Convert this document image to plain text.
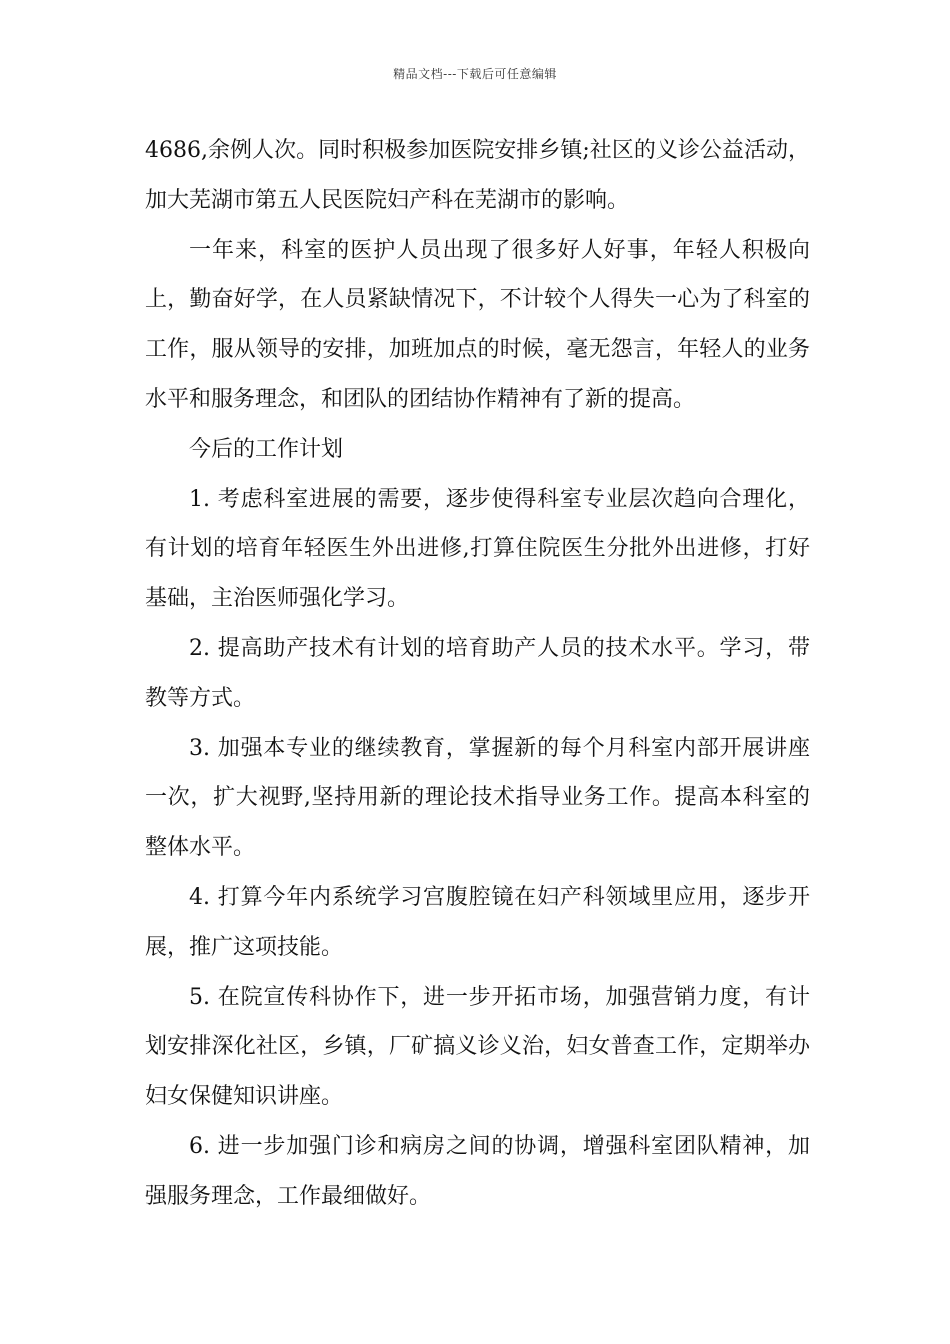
精品文档---下载后可任意编辑

4686,余例人次。同时积极参加医院安排乡镇;社区的义诊公益活动，加大芜湖市第五人民医院妇产科在芜湖市的影响。

一年来，科室的医护人员出现了很多好人好事，年轻人积极向上，勤奋好学，在人员紧缺情况下，不计较个人得失一心为了科室的工作，服从领导的安排，加班加点的时候，毫无怨言，年轻人的业务水平和服务理念，和团队的团结协作精神有了新的提高。

今后的工作计划

1. 考虑科室进展的需要，逐步使得科室专业层次趋向合理化，有计划的培育年轻医生外出进修,打算住院医生分批外出进修，打好基础，主治医师强化学习。

2. 提高助产技术有计划的培育助产人员的技术水平。学习，带教等方式。

3. 加强本专业的继续教育，掌握新的每个月科室内部开展讲座一次，扩大视野,坚持用新的理论技术指导业务工作。提高本科室的整体水平。

4. 打算今年内系统学习宫腹腔镜在妇产科领域里应用，逐步开展，推广这项技能。

5. 在院宣传科协作下，进一步开拓市场，加强营销力度，有计划安排深化社区，乡镇，厂矿搞义诊义治，妇女普查工作，定期举办妇女保健知识讲座。

6. 进一步加强门诊和病房之间的协调，增强科室团队精神，加强服务理念，工作最细做好。
